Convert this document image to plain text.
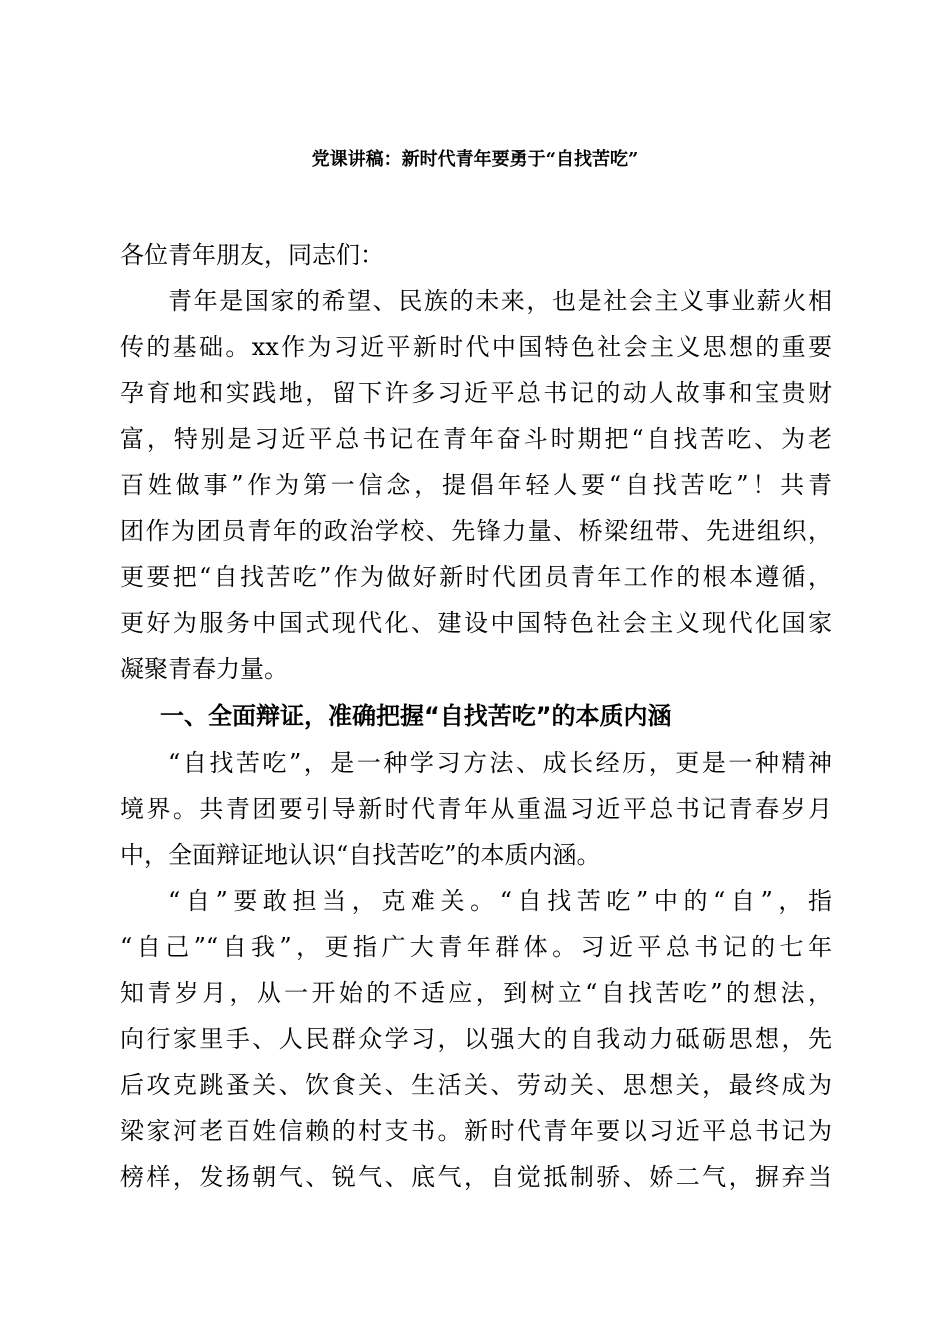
党课讲稿：新时代青年要勇于“自找苦吃”
各位青年朋友，同志们：
青年是国家的希望、民族的未来，也是社会主义事业薪火相
传的基础。xx作为习近平新时代中国特色社会主义思想的重要
孕育地和实践地，留下许多习近平总书记的动人故事和宝贵财
富，特别是习近平总书记在青年奋斗时期把“自找苦吃、为老
百姓做事”作为第一信念，提倡年轻人要“自找苦吃”！共青
团作为团员青年的政治学校、先锋力量、桥梁纽带、先进组织，
更要把“自找苦吃”作为做好新时代团员青年工作的根本遵循，
更好为服务中国式现代化、建设中国特色社会主义现代化国家
凝聚青春力量。
一、全面辩证，准确把握“自找苦吃”的本质内涵
“自找苦吃”，是一种学习方法、成长经历，更是一种精神
境界。共青团要引导新时代青年从重温习近平总书记青春岁月
中，全面辩证地认识“自找苦吃”的本质内涵。
“自”要敢担当，克难关。“自找苦吃”中的“自”，指
“自己”“自我”，更指广大青年群体。习近平总书记的七年
知青岁月，从一开始的不适应，到树立“自找苦吃”的想法，
向行家里手、人民群众学习，以强大的自我动力砥砺思想，先
后攻克跳蚤关、饮食关、生活关、劳动关、思想关，最终成为
梁家河老百姓信赖的村支书。新时代青年要以习近平总书记为
榜样，发扬朝气、锐气、底气，自觉抵制骄、娇二气，摒弃当
